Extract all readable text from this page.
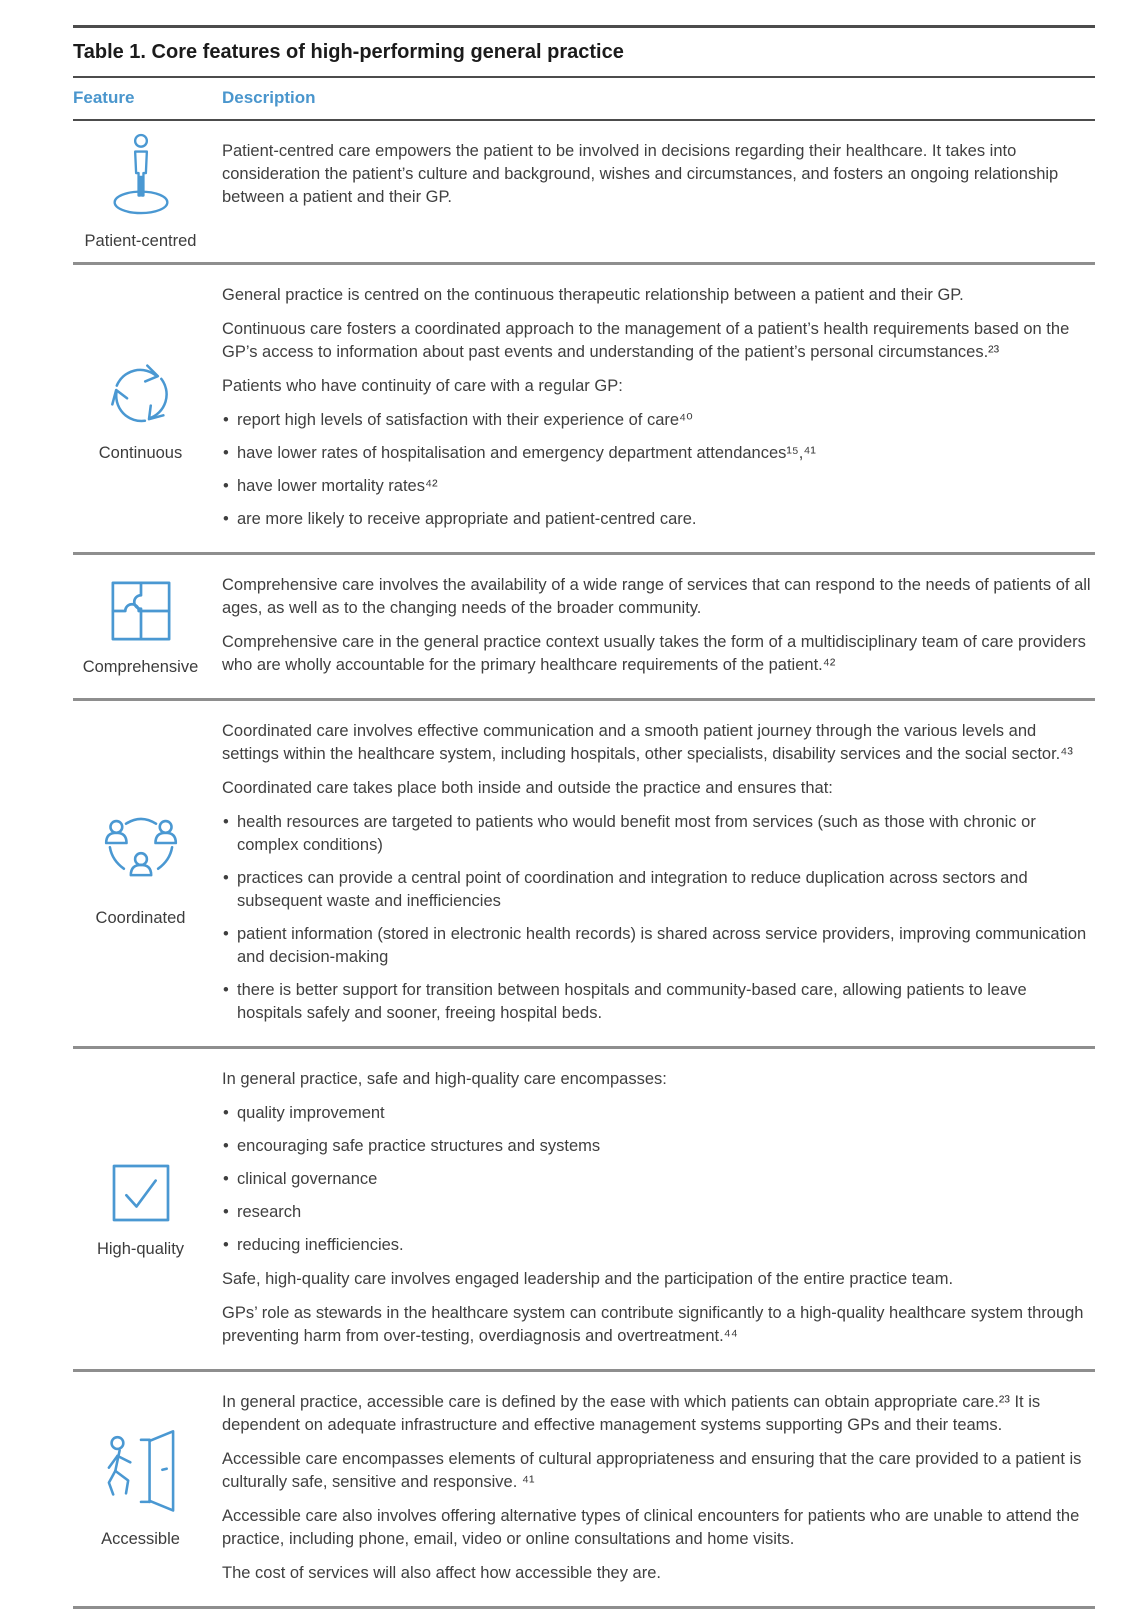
Table 1. Core features of high-performing general practice
Feature	Description
Patient-centred

Patient-centred care empowers the patient to be involved in decisions regarding their healthcare. It takes into consideration the patient’s culture and background, wishes and circumstances, and fosters an ongoing relationship between a patient and their GP.

Continuous

General practice is centred on the continuous therapeutic relationship between a patient and their GP.

Continuous care fosters a coordinated approach to the management of a patient’s health requirements based on the GP’s access to information about past events and understanding of the patient’s personal circumstances.²³

Patients who have continuity of care with a regular GP:

• report high levels of satisfaction with their experience of care⁴⁰
• have lower rates of hospitalisation and emergency department attendances¹⁵,⁴¹
• have lower mortality rates⁴²
• are more likely to receive appropriate and patient-centred care.
Comprehensive

Comprehensive care involves the availability of a wide range of services that can respond to the needs of patients of all ages, as well as to the changing needs of the broader community.

Comprehensive care in the general practice context usually takes the form of a multidisciplinary team of care providers who are wholly accountable for the primary healthcare requirements of the patient.⁴²

Coordinated

Coordinated care involves effective communication and a smooth patient journey through the various levels and settings within the healthcare system, including hospitals, other specialists, disability services and the social sector.⁴³

Coordinated care takes place both inside and outside the practice and ensures that:

• health resources are targeted to patients who would benefit most from services (such as those with chronic or complex conditions)
• practices can provide a central point of coordination and integration to reduce duplication across sectors and subsequent waste and inefficiencies
• patient information (stored in electronic health records) is shared across service providers, improving communication and decision-making
• there is better support for transition between hospitals and community-based care, allowing patients to leave hospitals safely and sooner, freeing hospital beds.
High-quality

In general practice, safe and high-quality care encompasses:

• quality improvement
• encouraging safe practice structures and systems
• clinical governance
• research
• reducing inefficiencies.

Safe, high-quality care involves engaged leadership and the participation of the entire practice team.

GPs’ role as stewards in the healthcare system can contribute significantly to a high-quality healthcare system through preventing harm from over-testing, overdiagnosis and overtreatment.⁴⁴

Accessible

In general practice, accessible care is defined by the ease with which patients can obtain appropriate care.²³ It is dependent on adequate infrastructure and effective management systems supporting GPs and their teams.

Accessible care encompasses elements of cultural appropriateness and ensuring that the care provided to a patient is culturally safe, sensitive and responsive. ⁴¹

Accessible care also involves offering alternative types of clinical encounters for patients who are unable to attend the practice, including phone, email, video or online consultations and home visits.

The cost of services will also affect how accessible they are.
